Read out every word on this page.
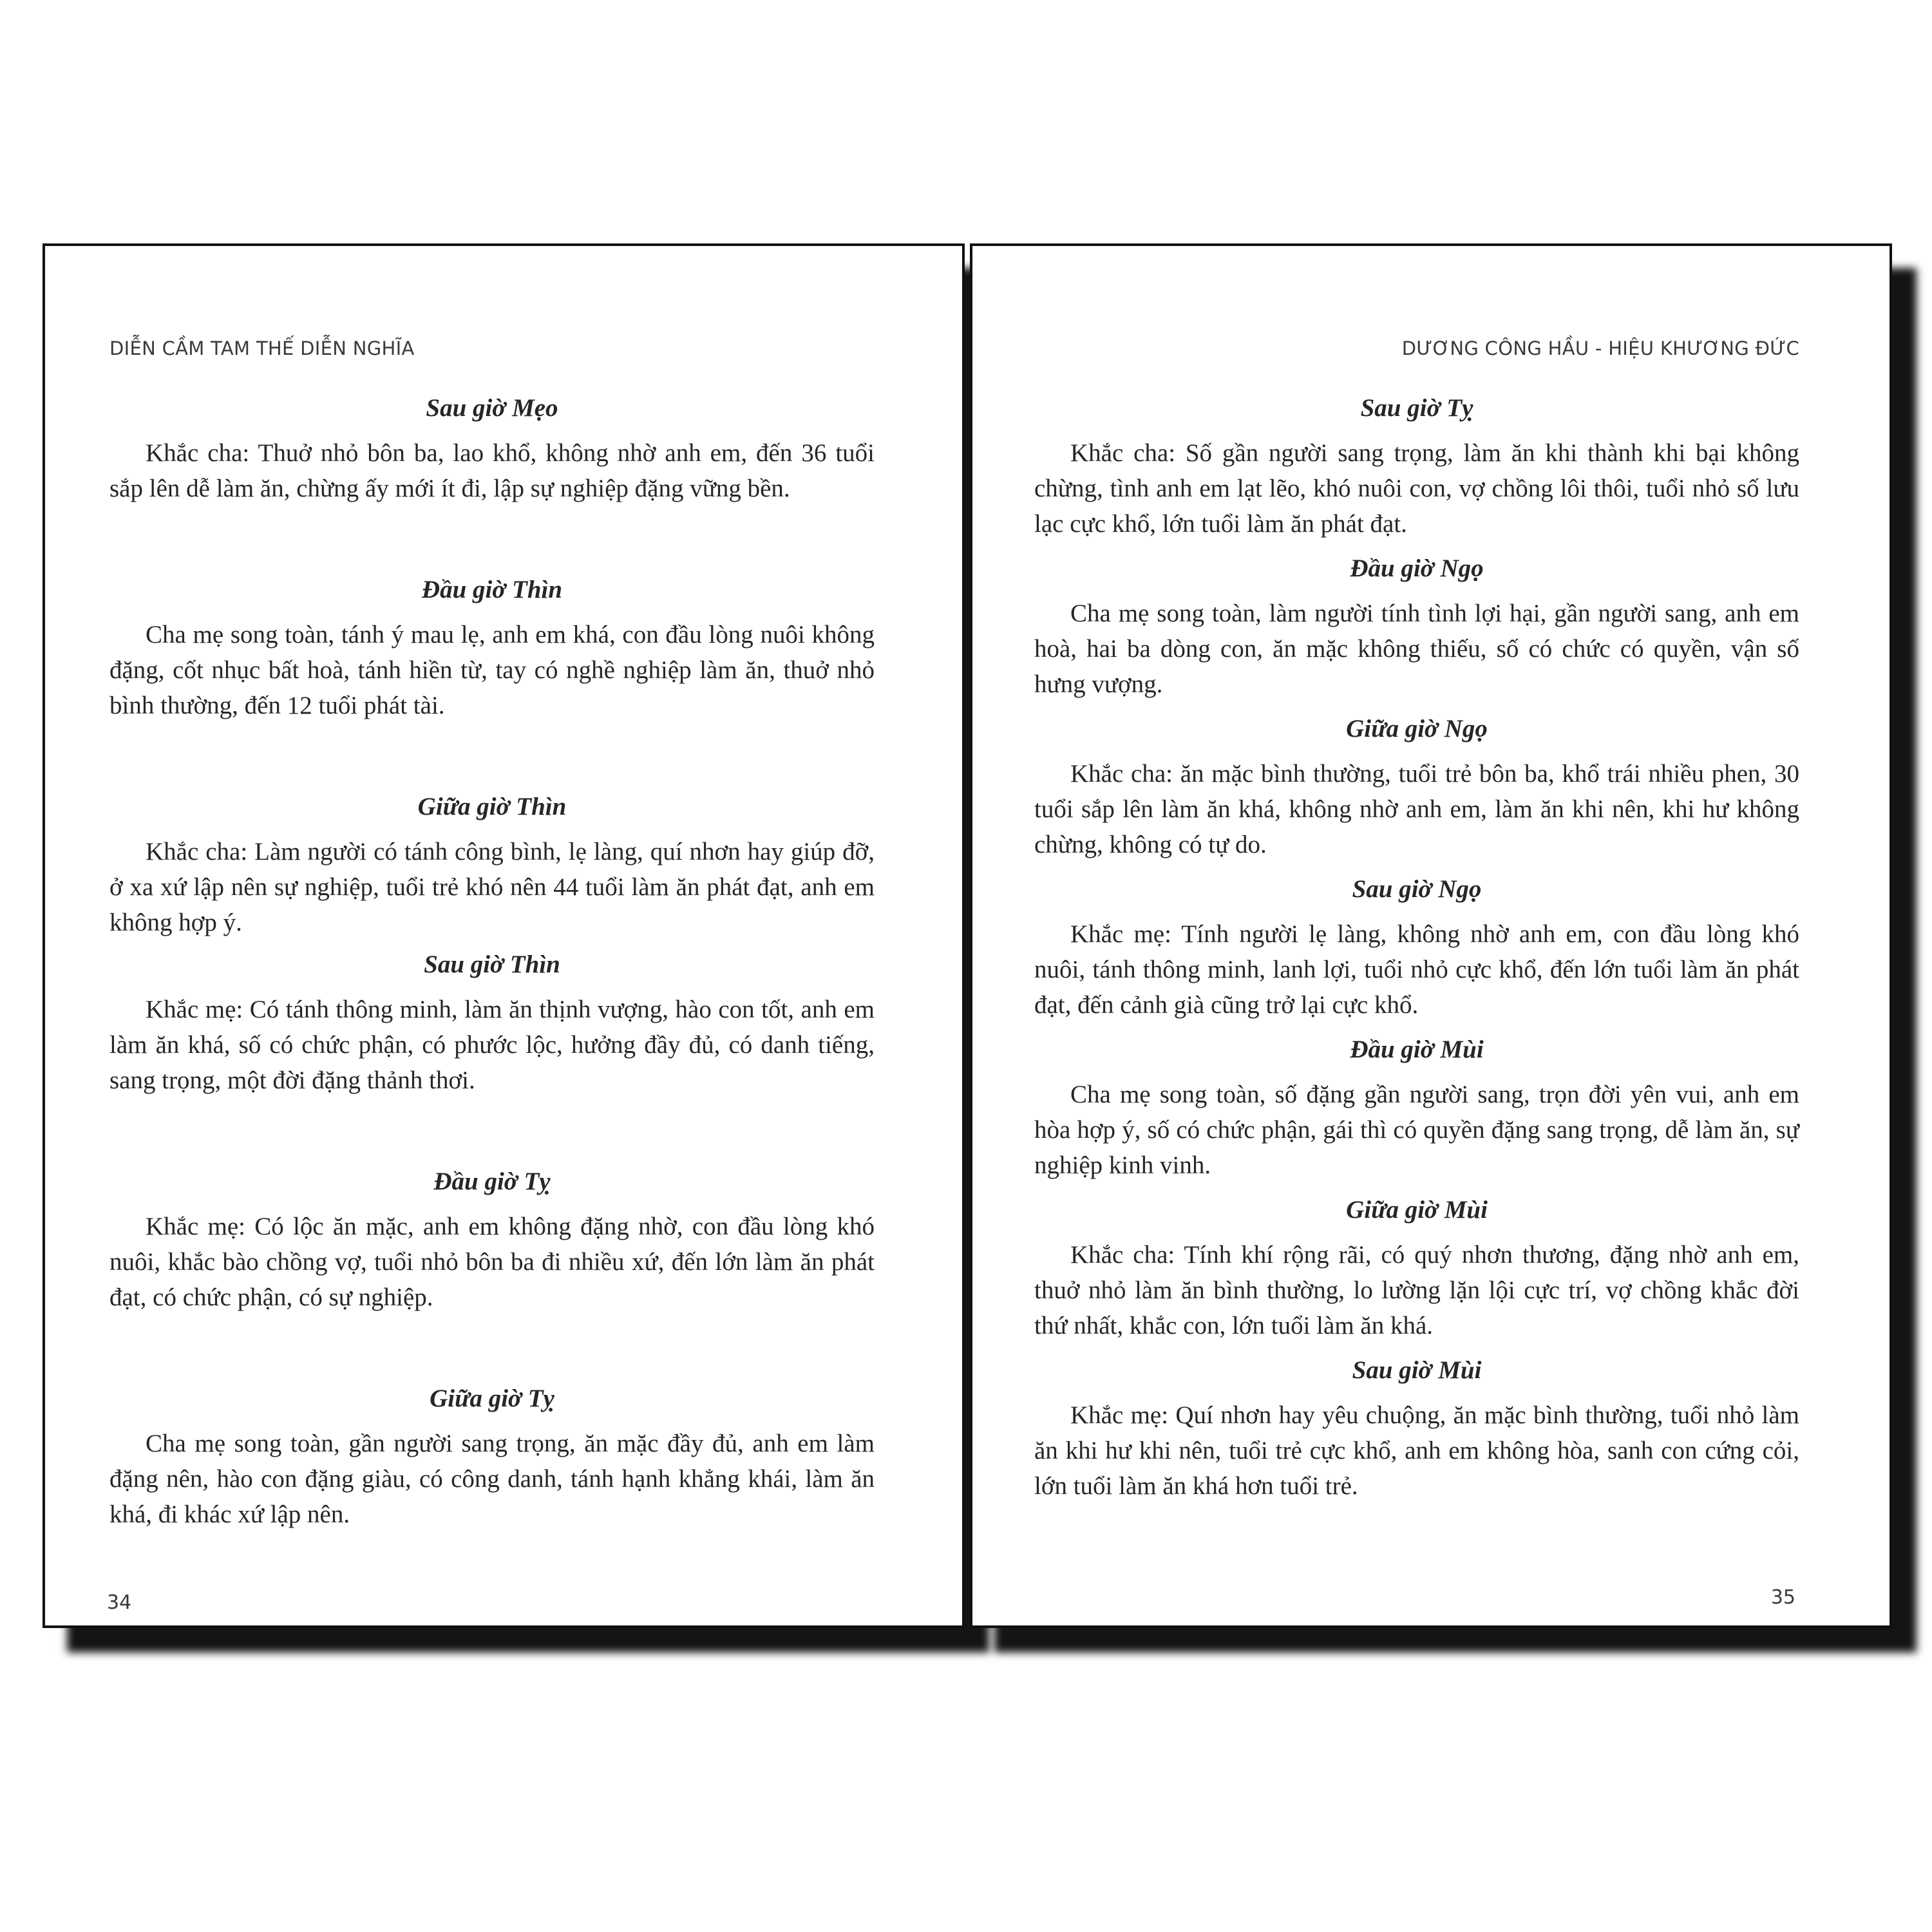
DIỄN CẦM TAM THẾ DIỄN NGHĨA

Sau giờ Mẹo

Khắc cha: Thuở nhỏ bôn ba, lao khổ, không nhờ anh em, đến 36 tuổi sắp lên dễ làm ăn, chừng ấy mới ít đi, lập sự nghiệp đặng vững bền.

Đầu giờ Thìn

Cha mẹ song toàn, tánh ý mau lẹ, anh em khá, con đầu lòng nuôi không đặng, cốt nhục bất hoà, tánh hiền từ, tay có nghề nghiệp làm ăn, thuở nhỏ bình thường, đến 12 tuổi phát tài.

Giữa giờ Thìn

Khắc cha: Làm người có tánh công bình, lẹ làng, quí nhơn hay giúp đỡ, ở xa xứ lập nên sự nghiệp, tuổi trẻ khó nên 44 tuổi làm ăn phát đạt, anh em không hợp ý.

Sau giờ Thìn

Khắc mẹ: Có tánh thông minh, làm ăn thịnh vượng, hào con tốt, anh em làm ăn khá, số có chức phận, có phước lộc, hưởng đầy đủ, có danh tiếng, sang trọng, một đời đặng thảnh thơi.

Đầu giờ Tỵ

Khắc mẹ: Có lộc ăn mặc, anh em không đặng nhờ, con đầu lòng khó nuôi, khắc bào chồng vợ, tuổi nhỏ bôn ba đi nhiều xứ, đến lớn làm ăn phát đạt, có chức phận, có sự nghiệp.

Giữa giờ Tỵ

Cha mẹ song toàn, gần người sang trọng, ăn mặc đầy đủ, anh em làm đặng nên, hào con đặng giàu, có công danh, tánh hạnh khẳng khái, làm ăn khá, đi khác xứ lập nên.

34
DƯƠNG CÔNG HẦU - HIỆU KHƯƠNG ĐỨC

Sau giờ Tỵ

Khắc cha: Số gần người sang trọng, làm ăn khi thành khi bại không chừng, tình anh em lạt lẽo, khó nuôi con, vợ chồng lôi thôi, tuổi nhỏ số lưu lạc cực khổ, lớn tuổi làm ăn phát đạt.

Đầu giờ Ngọ

Cha mẹ song toàn, làm người tính tình lợi hại, gần người sang, anh em hoà, hai ba dòng con, ăn mặc không thiếu, số có chức có quyền, vận số hưng vượng.

Giữa giờ Ngọ

Khắc cha: ăn mặc bình thường, tuổi trẻ bôn ba, khổ trái nhiều phen, 30 tuổi sắp lên làm ăn khá, không nhờ anh em, làm ăn khi nên, khi hư không chừng, không có tự do.

Sau giờ Ngọ

Khắc mẹ: Tính người lẹ làng, không nhờ anh em, con đầu lòng khó nuôi, tánh thông minh, lanh lợi, tuổi nhỏ cực khổ, đến lớn tuổi làm ăn phát đạt, đến cảnh già cũng trở lại cực khổ.

Đầu giờ Mùi

Cha mẹ song toàn, số đặng gần người sang, trọn đời yên vui, anh em hòa hợp ý, số có chức phận, gái thì có quyền đặng sang trọng, dễ làm ăn, sự nghiệp kinh vinh.

Giữa giờ Mùi

Khắc cha: Tính khí rộng rãi, có quý nhơn thương, đặng nhờ anh em, thuở nhỏ làm ăn bình thường, lo lường lặn lội cực trí, vợ chồng khắc đời thứ nhất, khắc con, lớn tuổi làm ăn khá.

Sau giờ Mùi

Khắc mẹ: Quí nhơn hay yêu chuộng, ăn mặc bình thường, tuổi nhỏ làm ăn khi hư khi nên, tuổi trẻ cực khổ, anh em không hòa, sanh con cứng cỏi, lớn tuổi làm ăn khá hơn tuổi trẻ.

35
